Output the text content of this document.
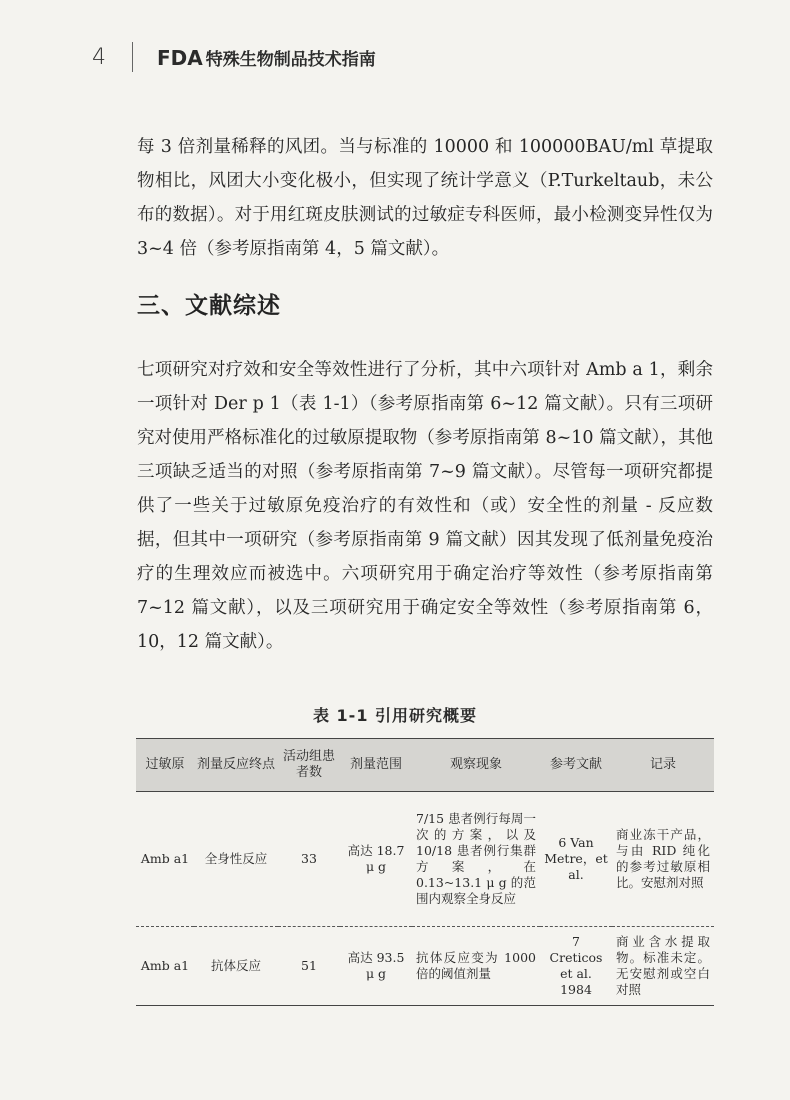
4	FDA 特殊生物制品技术指南

每 3 倍剂量稀释的风团。当与标准的 10000 和 100000BAU/ml 草提取物相比，风团大小变化极小，但实现了统计学意义（P.Turkeltaub，未公布的数据）。对于用红斑皮肤测试的过敏症专科医师，最小检测变异性仅为 3~4 倍（参考原指南第 4，5 篇文献）。

三、文献综述

七项研究对疗效和安全等效性进行了分析，其中六项针对 Amb a 1，剩余一项针对 Der p 1（表 1-1）（参考原指南第 6~12 篇文献）。只有三项研究对使用严格标准化的过敏原提取物（参考原指南第 8~10 篇文献），其他三项缺乏适当的对照（参考原指南第 7~9 篇文献）。尽管每一项研究都提供了一些关于过敏原免疫治疗的有效性和（或）安全性的剂量 - 反应数据，但其中一项研究（参考原指南第 9 篇文献）因其发现了低剂量免疫治疗的生理效应而被选中。六项研究用于确定治疗等效性（参考原指南第 7~12 篇文献），以及三项研究用于确定安全等效性（参考原指南第 6，10，12 篇文献）。

表 1-1 引用研究概要
过敏原	剂量反应终点	活动组患者数	剂量范围	观察现象	参考文献	记录
Amb a1	全身性反应	33	高达 18.7 μ g	7/15 患者例行每周一次的方案，以及 10/18 患者例行集群方案，在 0.13~13.1 μ g 的范围内观察全身反应	6 Van Metre，et al.	商业冻干产品，与由 RID 纯化的参考过敏原相比。安慰剂对照
Amb a1	抗体反应	51	高达 93.5 μ g	抗体反应变为 1000 倍的阈值剂量	7 Creticos et al. 1984	商业含水提取物。标准未定。无安慰剂或空白对照
